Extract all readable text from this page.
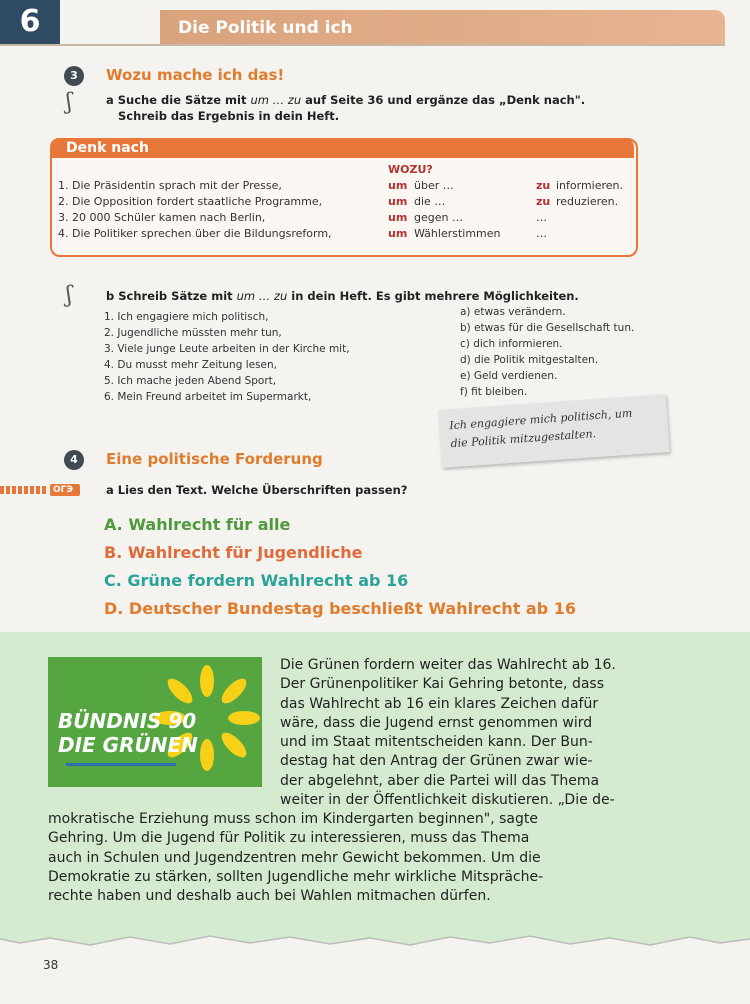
6	Die Politik und ich
3	Wozu mache ich das!
ʃ	a Suche die Sätze mit um … zu auf Seite 36 und ergänze das „Denk nach".
Schreib das Ergebnis in dein Heft.
Denk nach
WOZU?
1. Die Präsidentin sprach mit der Presse,	um über …	zu informieren.
2. Die Opposition fordert staatliche Programme,	um die …	zu reduzieren.
3. 20 000 Schüler kamen nach Berlin,	um gegen …	…
4. Die Politiker sprechen über die Bildungsreform,	um Wählerstimmen	…
ʃ	b Schreib Sätze mit um … zu in dein Heft. Es gibt mehrere Möglichkeiten.
1. Ich engagiere mich politisch,
2. Jugendliche müssten mehr tun,
3. Viele junge Leute arbeiten in der Kirche mit,
4. Du musst mehr Zeitung lesen,
5. Ich mache jeden Abend Sport,
6. Mein Freund arbeitet im Supermarkt,
a) etwas verändern.
b) etwas für die Gesellschaft tun.
c) dich informieren.
d) die Politik mitgestalten.
e) Geld verdienen.
f) fit bleiben.
Ich engagiere mich politisch, um
die Politik mitzugestalten.
4	Eine politische Forderung
ОГЭ	a Lies den Text. Welche Überschriften passen?
A. Wahlrecht für alle
B. Wahlrecht für Jugendliche
C. Grüne fordern Wahlrecht ab 16
D. Deutscher Bundestag beschließt Wahlrecht ab 16
BÜNDNIS 90
DIE GRÜNEN
Die Grünen fordern weiter das Wahlrecht ab 16.
Der Grünenpolitiker Kai Gehring betonte, dass
das Wahlrecht ab 16 ein klares Zeichen dafür
wäre, dass die Jugend ernst genommen wird
und im Staat mitentscheiden kann. Der Bun-
destag hat den Antrag der Grünen zwar wie-
der abgelehnt, aber die Partei will das Thema
weiter in der Öffentlichkeit diskutieren. „Die de-
mokratische Erziehung muss schon im Kindergarten beginnen", sagte
Gehring. Um die Jugend für Politik zu interessieren, muss das Thema
auch in Schulen und Jugendzentren mehr Gewicht bekommen. Um die
Demokratie zu stärken, sollten Jugendliche mehr wirkliche Mitspräche-
rechte haben und deshalb auch bei Wahlen mitmachen dürfen.
38
